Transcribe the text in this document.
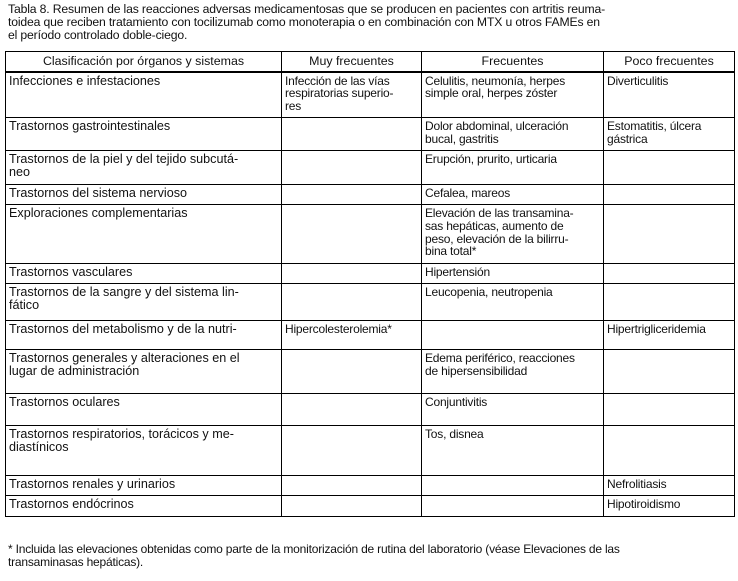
Tabla 8. Resumen de las reacciones adversas medicamentosas que se producen en pacientes con artritis reuma-
toidea que reciben tratamiento con tocilizumab como monoterapia o en combinación con MTX u otros FAMEs en
el período controlado doble-ciego.
Clasificación por órganos y sistemas	Muy frecuentes	Frecuentes	Poco frecuentes

Infecciones e infestaciones	Infección de las vías
respiratorias superio-
res	Celulitis, neumonía, herpes
simple oral, herpes zóster	Diverticulitis

Trastornos gastrointestinales		Dolor abdominal, ulceración
bucal, gastritis	Estomatitis, úlcera
gástrica

Trastornos de la piel y del tejido subcutá-
neo		Erupción, prurito, urticaria	

Trastornos del sistema nervioso		Cefalea, mareos	

Exploraciones complementarias		Elevación de las transamina-
sas hepáticas, aumento de
peso, elevación de la bilirru-
bina total*	

Trastornos vasculares		Hipertensión	

Trastornos de la sangre y del sistema lin-
fático		Leucopenia, neutropenia	

Trastornos del metabolismo y de la nutri-	Hipercolesterolemia*		Hipertrigliceridemia

Trastornos generales y alteraciones en el
lugar de administración		Edema periférico, reacciones
de hipersensibilidad	

Trastornos oculares		Conjuntivitis	

Trastornos respiratorios, torácicos y me-
diastínicos		Tos, disnea	

Trastornos renales y urinarios			Nefrolitiasis

Trastornos endócrinos			Hipotiroidismo
* Incluida las elevaciones obtenidas como parte de la monitorización de rutina del laboratorio (véase Elevaciones de las
transaminasas hepáticas).
